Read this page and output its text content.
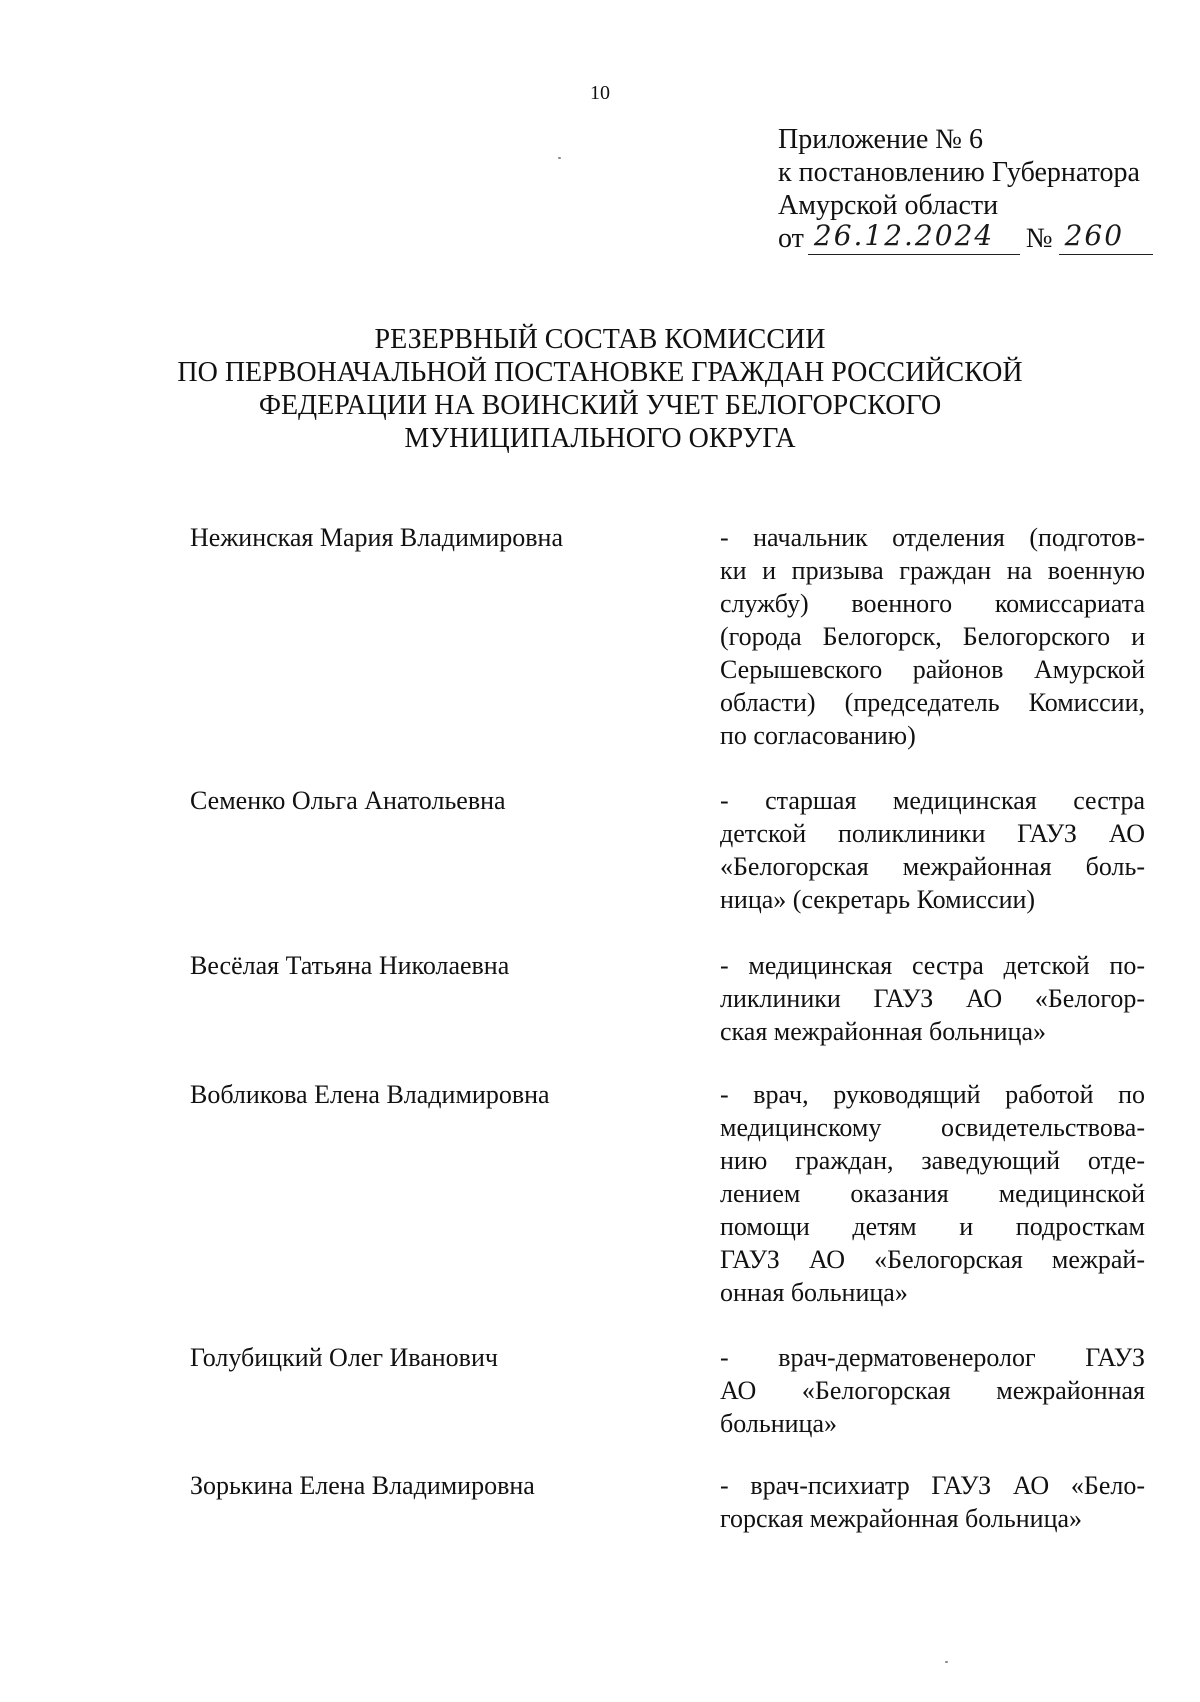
10
Приложение № 6
к постановлению Губернатора
Амурской области
от 26.12.2024 № 260
РЕЗЕРВНЫЙ СОСТАВ КОМИССИИ
ПО ПЕРВОНАЧАЛЬНОЙ ПОСТАНОВКЕ ГРАЖДАН РОССИЙСКОЙ
ФЕДЕРАЦИИ НА ВОИНСКИЙ УЧЕТ БЕЛОГОРСКОГО
МУНИЦИПАЛЬНОГО ОКРУГА
Нежинская Мария Владимировна	- начальник отделения (подготов-
ки и призыва граждан на военную
службу) военного комиссариата
(города Белогорск, Белогорского и
Серышевского районов Амурской
области) (председатель Комиссии,
по согласованию)
Семенко Ольга Анатольевна	- старшая медицинская сестра
детской поликлиники ГАУЗ АО
«Белогорская межрайонная боль-
ница» (секретарь Комиссии)
Весёлая Татьяна Николаевна	- медицинская сестра детской по-
ликлиники ГАУЗ АО «Белогор-
ская межрайонная больница»
Вобликова Елена Владимировна	- врач, руководящий работой по
медицинскому освидетельствова-
нию граждан, заведующий отде-
лением оказания медицинской
помощи детям и подросткам
ГАУЗ АО «Белогорская межрай-
онная больница»
Голубицкий Олег Иванович	- врач-дерматовенеролог ГАУЗ
АО «Белогорская межрайонная
больница»
Зорькина Елена Владимировна	- врач-психиатр ГАУЗ АО «Бело-
горская межрайонная больница»
